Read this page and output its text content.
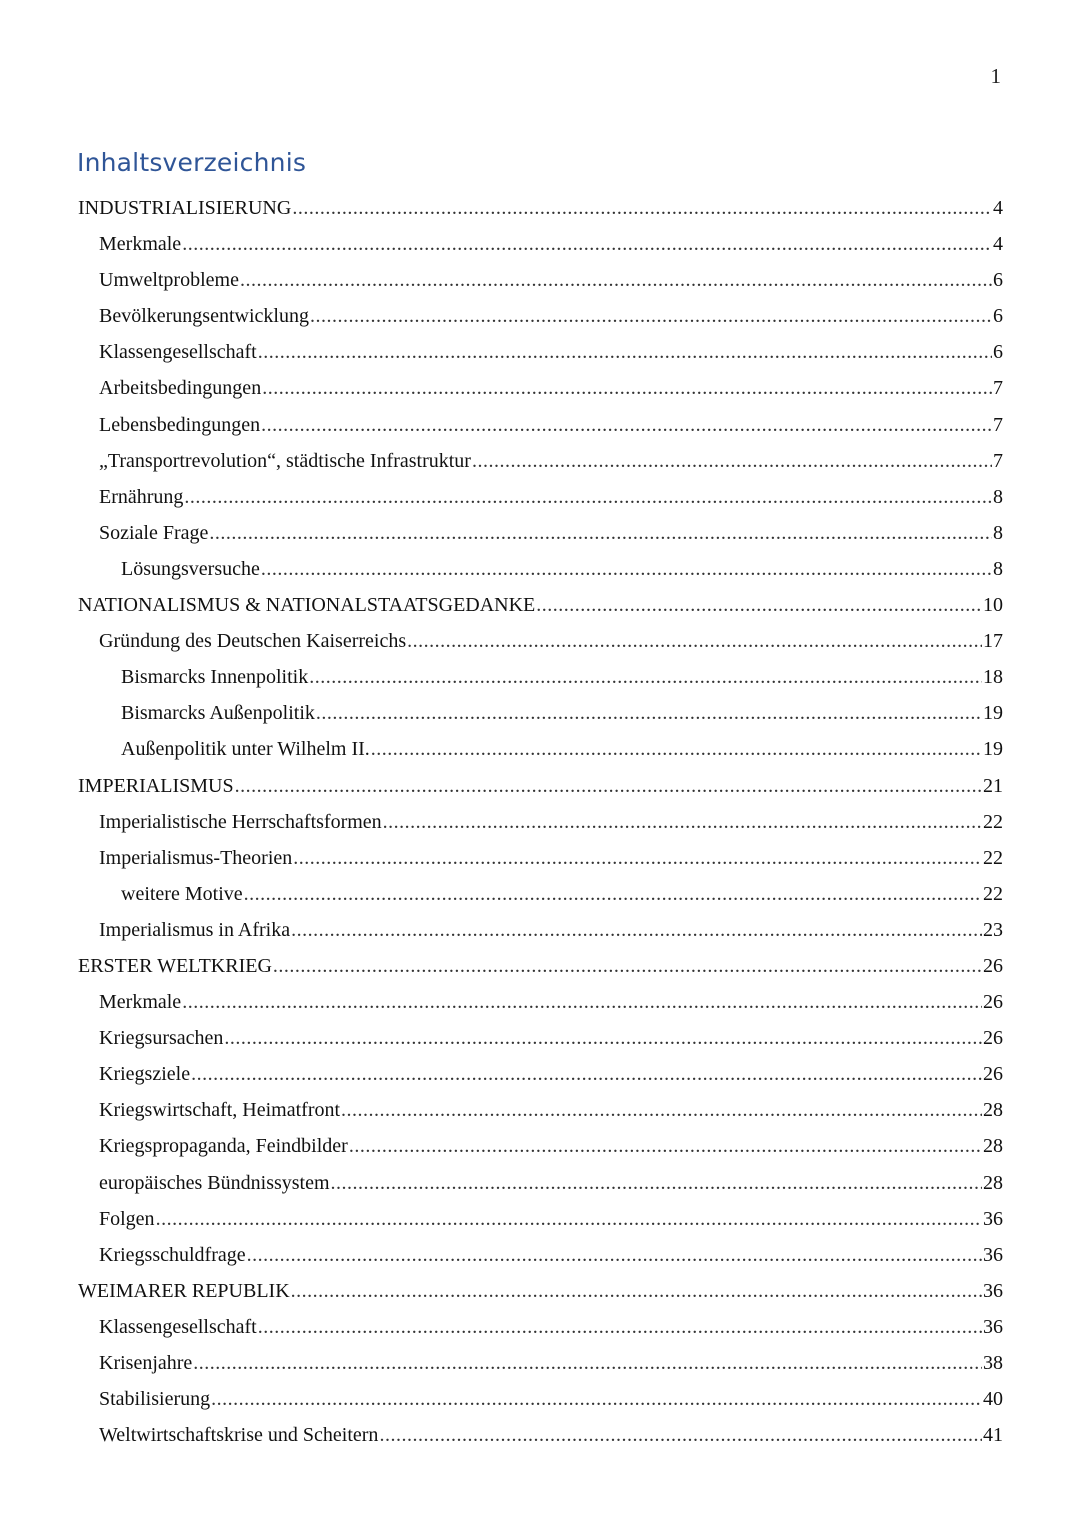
1
Inhaltsverzeichnis
INDUSTRIALISIERUNG .....	4
Merkmale .....	4
Umweltprobleme .....	6
Bevölkerungsentwicklung .....	6
Klassengesellschaft .....	6
Arbeitsbedingungen .....	7
Lebensbedingungen .....	7
„Transportrevolution“, städtische Infrastruktur .....	7
Ernährung .....	8
Soziale Frage .....	8
Lösungsversuche .....	8
NATIONALISMUS & NATIONALSTAATSGEDANKE .....	10
Gründung des Deutschen Kaiserreichs .....	17
Bismarcks Innenpolitik .....	18
Bismarcks Außenpolitik .....	19
Außenpolitik unter Wilhelm II. .....	19
IMPERIALISMUS .....	21
Imperialistische Herrschaftsformen .....	22
Imperialismus-Theorien .....	22
weitere Motive .....	22
Imperialismus in Afrika .....	23
ERSTER WELTKRIEG .....	26
Merkmale .....	26
Kriegsursachen .....	26
Kriegsziele .....	26
Kriegswirtschaft, Heimatfront .....	28
Kriegspropaganda, Feindbilder .....	28
europäisches Bündnissystem .....	28
Folgen .....	36
Kriegsschuldfrage .....	36
WEIMARER REPUBLIK .....	36
Klassengesellschaft .....	36
Krisenjahre .....	38
Stabilisierung .....	40
Weltwirtschaftskrise und Scheitern .....	41
